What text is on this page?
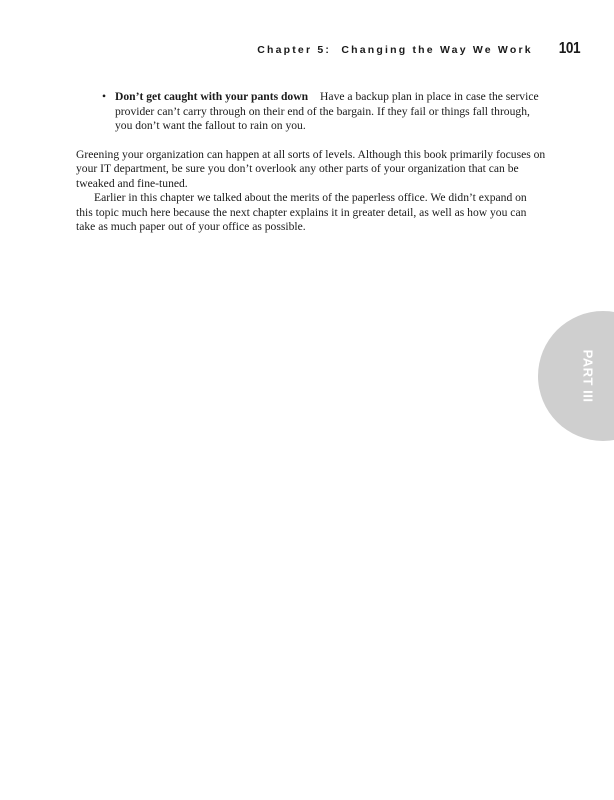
Chapter 5:  Changing the Way We Work 101
• Don’t get caught with your pants down Have a backup plan in place in case the service provider can’t carry through on their end of the bargain. If they fail or things fall through, you don’t want the fallout to rain on you.

Greening your organization can happen at all sorts of levels. Although this book primarily focuses on your IT department, be sure you don’t overlook any other parts of your organization that can be tweaked and fine-tuned.

Earlier in this chapter we talked about the merits of the paperless office. We didn’t expand on this topic much here because the next chapter explains it in greater detail, as well as how you can take as much paper out of your office as possible.

PART III
